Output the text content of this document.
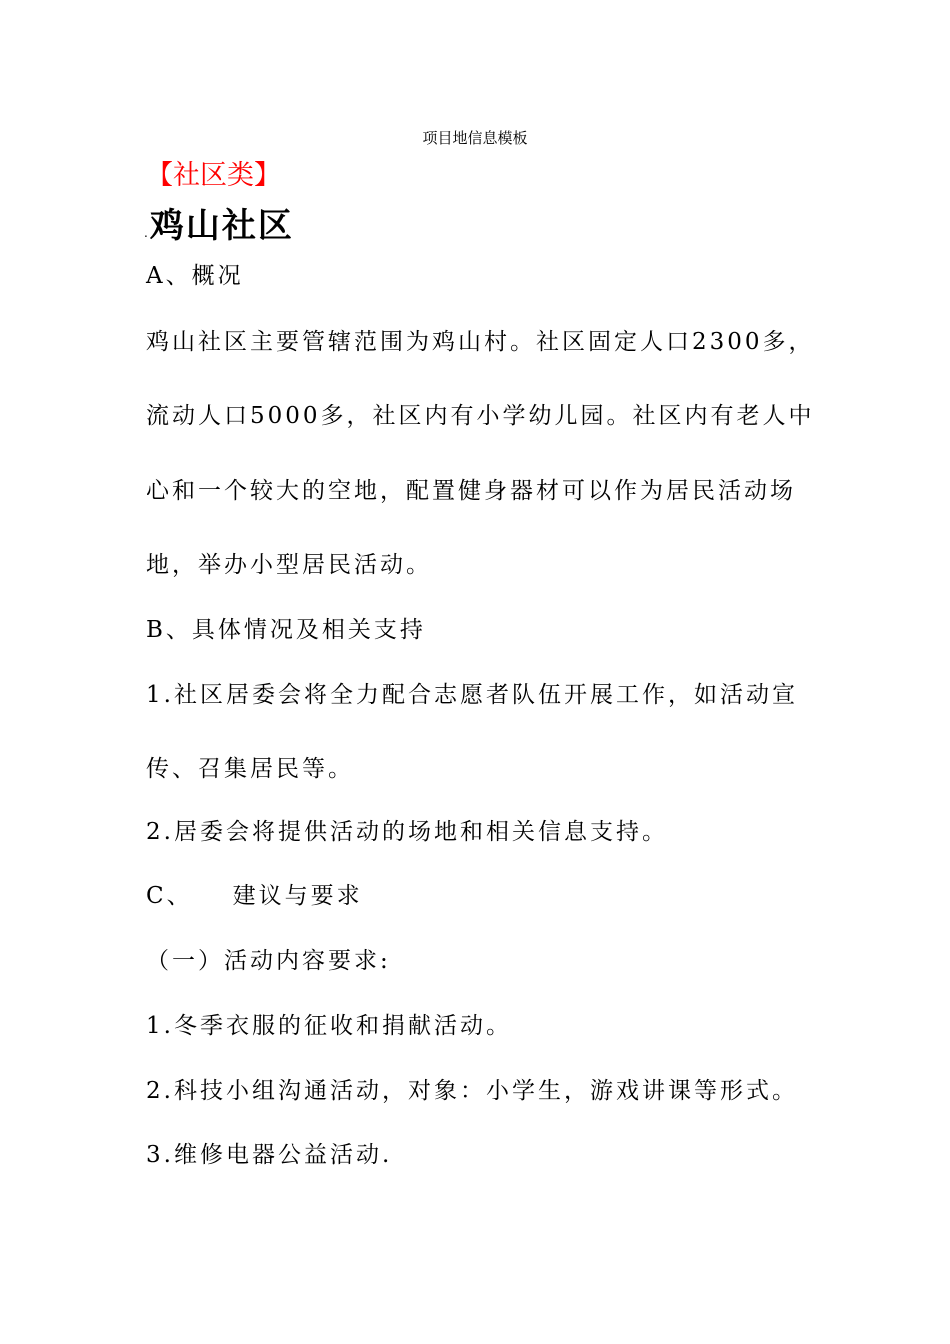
项目地信息模板
【社区类】
.鸡山社区
A、概况
鸡山社区主要管辖范围为鸡山村。社区固定人口2300多，
流动人口5000多，社区内有小学幼儿园。社区内有老人中
心和一个较大的空地，配置健身器材可以作为居民活动场
地，举办小型居民活动。
B、具体情况及相关支持
1.社区居委会将全力配合志愿者队伍开展工作，如活动宣
传、召集居民等。
2.居委会将提供活动的场地和相关信息支持。
C、 建议与要求
（一）活动内容要求:
1.冬季衣服的征收和捐献活动。
2.科技小组沟通活动，对象：小学生，游戏讲课等形式。
3.维修电器公益活动.
